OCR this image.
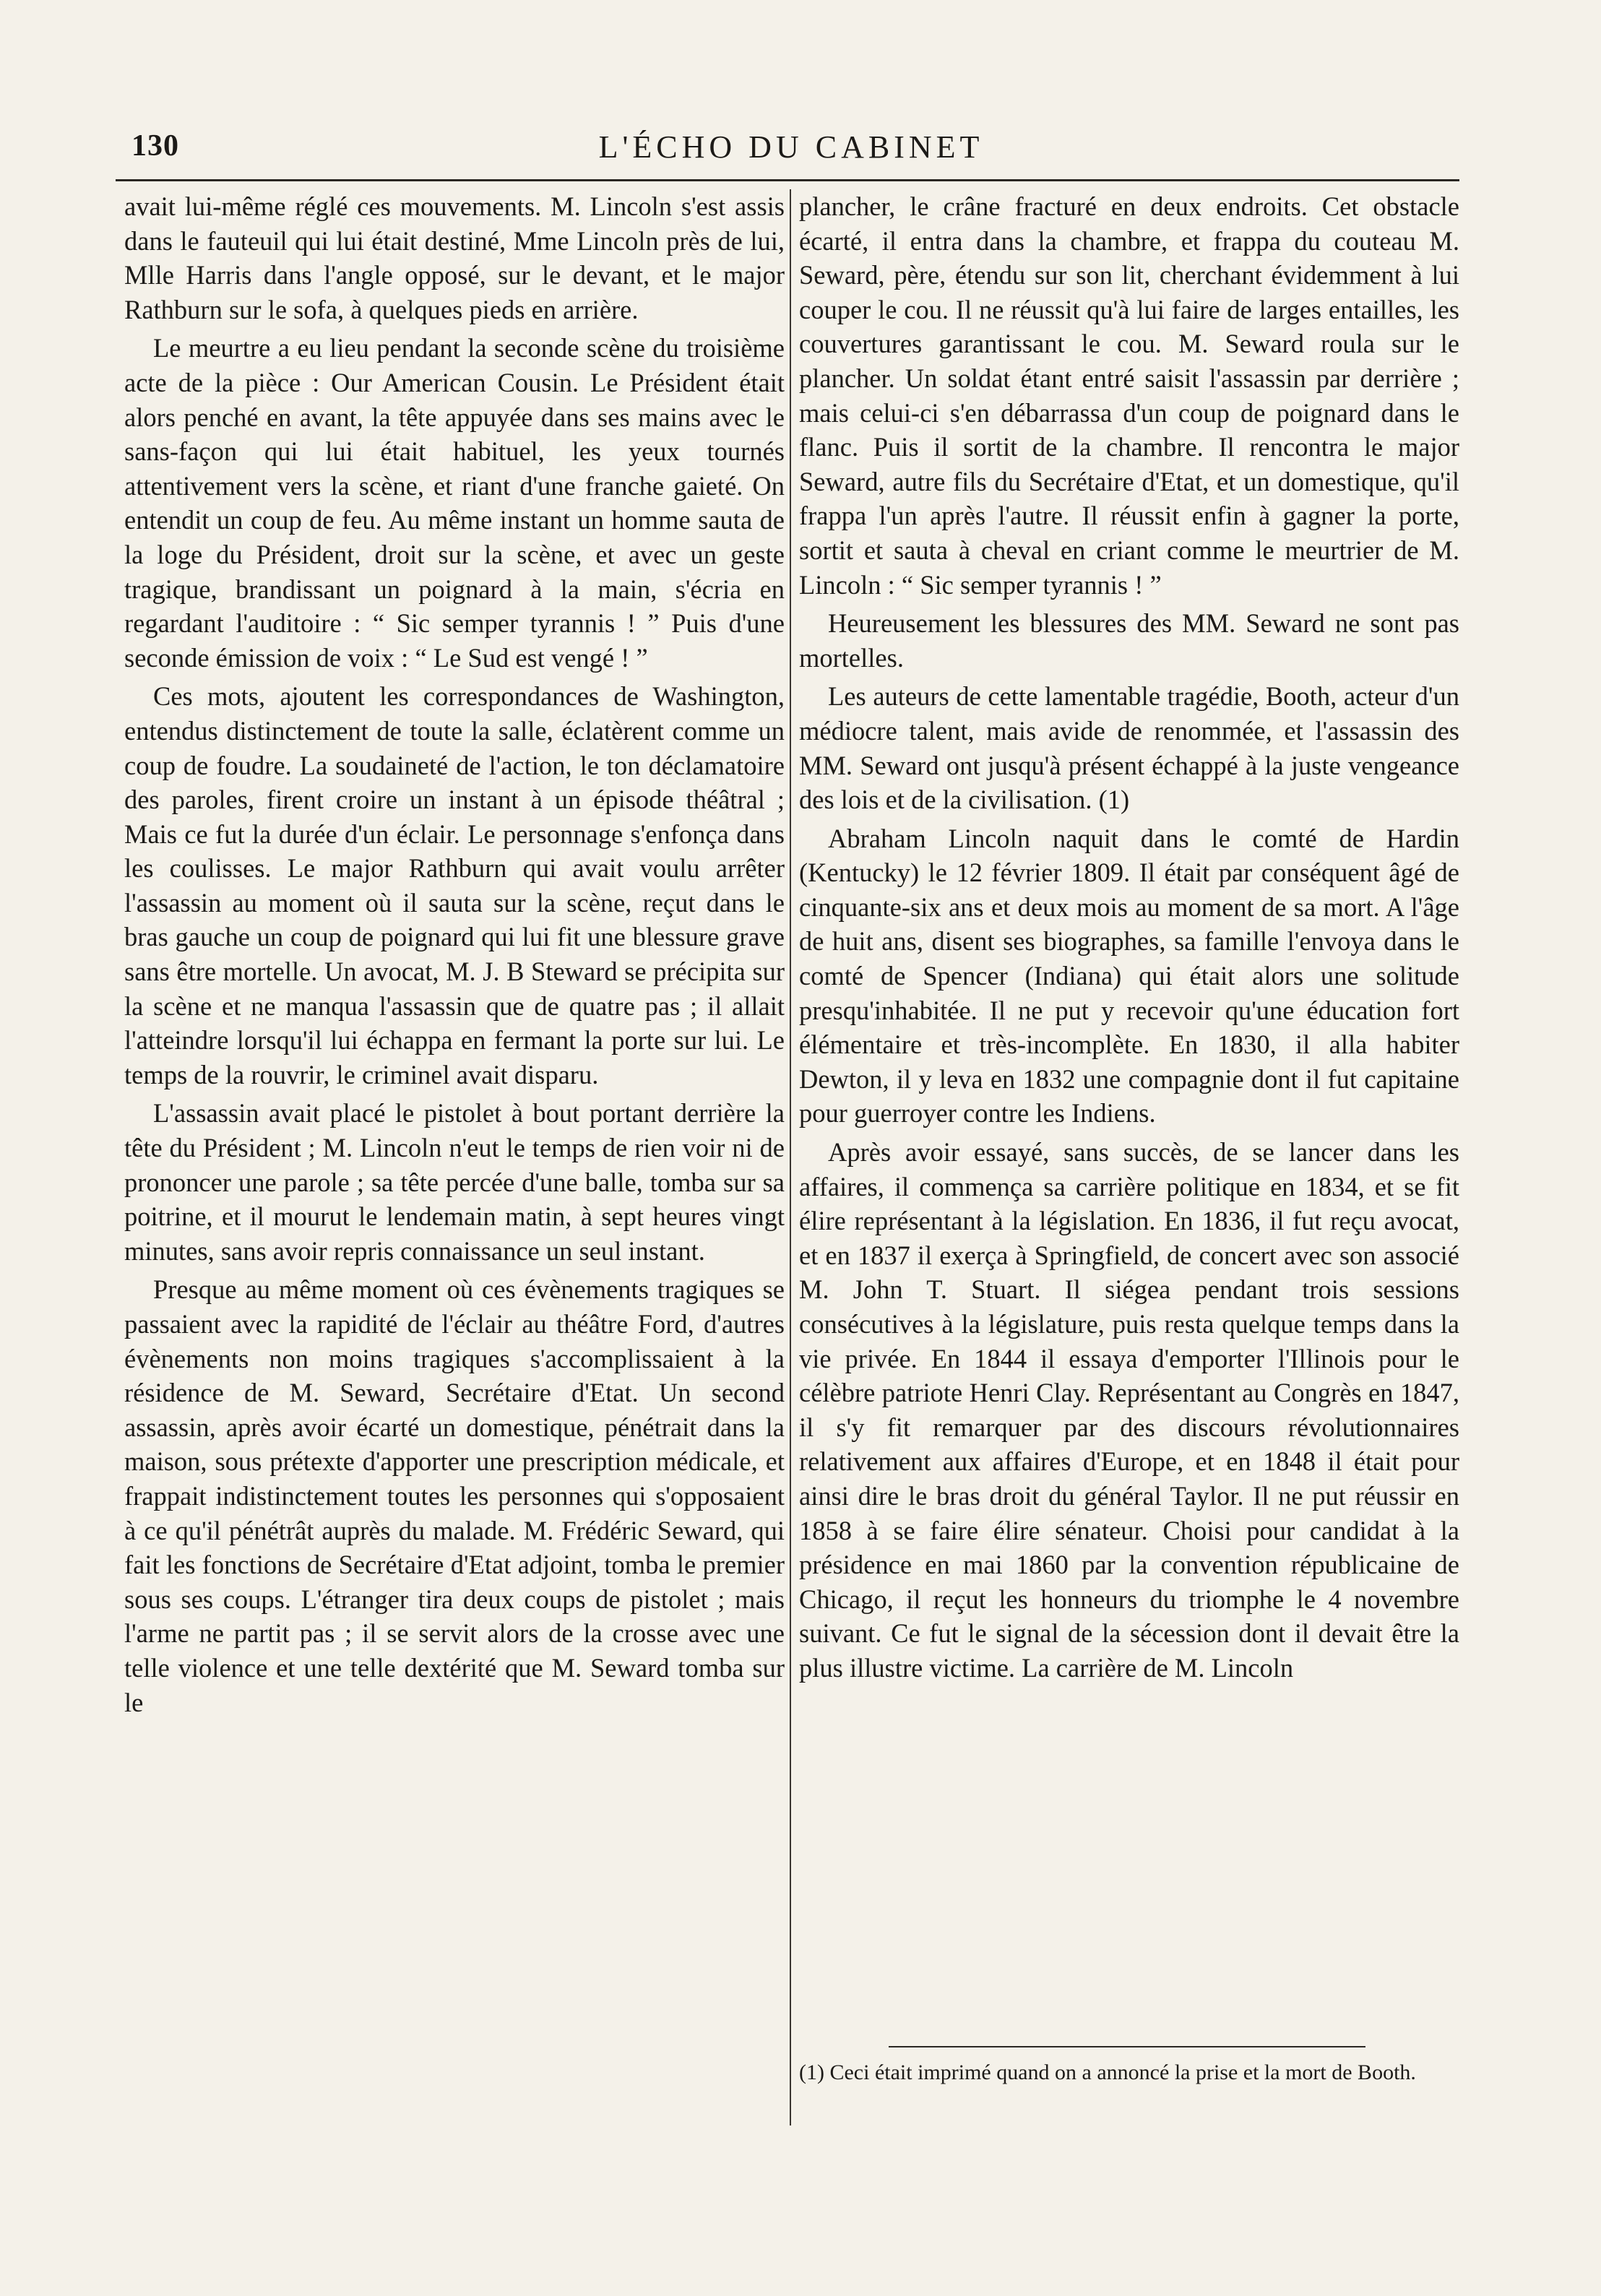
130	L'ÉCHO DU CABINET

avait lui-même réglé ces mouvements. M. Lincoln s'est assis dans le fauteuil qui lui était destiné, Mme Lincoln près de lui, Mlle Harris dans l'angle opposé, sur le devant, et le major Rathburn sur le sofa, à quelques pieds en arrière.

Le meurtre a eu lieu pendant la seconde scène du troisième acte de la pièce : Our American Cousin. Le Président était alors penché en avant, la tête appuyée dans ses mains avec le sans-façon qui lui était habituel, les yeux tournés attentivement vers la scène, et riant d'une franche gaieté. On entendit un coup de feu. Au même instant un homme sauta de la loge du Président, droit sur la scène, et avec un geste tragique, brandissant un poignard à la main, s'écria en regardant l'auditoire : “ Sic semper tyrannis ! ” Puis d'une seconde émission de voix : “ Le Sud est vengé ! ”

Ces mots, ajoutent les correspondances de Washington, entendus distinctement de toute la salle, éclatèrent comme un coup de foudre. La soudaineté de l'action, le ton déclamatoire des paroles, firent croire un instant à un épisode théâtral ; Mais ce fut la durée d'un éclair. Le personnage s'enfonça dans les coulisses. Le major Rathburn qui avait voulu arrêter l'assassin au moment où il sauta sur la scène, reçut dans le bras gauche un coup de poignard qui lui fit une blessure grave sans être mortelle. Un avocat, M. J. B Steward se précipita sur la scène et ne manqua l'assassin que de quatre pas ; il allait l'atteindre lorsqu'il lui échappa en fermant la porte sur lui. Le temps de la rouvrir, le criminel avait disparu.

L'assassin avait placé le pistolet à bout portant derrière la tête du Président ; M. Lincoln n'eut le temps de rien voir ni de prononcer une parole ; sa tête percée d'une balle, tomba sur sa poitrine, et il mourut le lendemain matin, à sept heures vingt minutes, sans avoir repris connaissance un seul instant.

Presque au même moment où ces évènements tragiques se passaient avec la rapidité de l'éclair au théâtre Ford, d'autres évènements non moins tragiques s'accomplissaient à la résidence de M. Seward, Secrétaire d'Etat. Un second assassin, après avoir écarté un domestique, pénétrait dans la maison, sous prétexte d'apporter une prescription médicale, et frappait indistinctement toutes les personnes qui s'opposaient à ce qu'il pénétrât auprès du malade. M. Frédéric Seward, qui fait les fonctions de Secrétaire d'Etat adjoint, tomba le premier sous ses coups. L'étranger tira deux coups de pistolet ; mais l'arme ne partit pas ; il se servit alors de la crosse avec une telle violence et une telle dextérité que M. Seward tomba sur le

plancher, le crâne fracturé en deux endroits. Cet obstacle écarté, il entra dans la chambre, et frappa du couteau M. Seward, père, étendu sur son lit, cherchant évidemment à lui couper le cou. Il ne réussit qu'à lui faire de larges entailles, les couvertures garantissant le cou. M. Seward roula sur le plancher. Un soldat étant entré saisit l'assassin par derrière ; mais celui-ci s'en débarrassa d'un coup de poignard dans le flanc. Puis il sortit de la chambre. Il rencontra le major Seward, autre fils du Secrétaire d'Etat, et un domestique, qu'il frappa l'un après l'autre. Il réussit enfin à gagner la porte, sortit et sauta à cheval en criant comme le meurtrier de M. Lincoln : “ Sic semper tyrannis ! ”

Heureusement les blessures des MM. Seward ne sont pas mortelles.

Les auteurs de cette lamentable tragédie, Booth, acteur d'un médiocre talent, mais avide de renommée, et l'assassin des MM. Seward ont jusqu'à présent échappé à la juste vengeance des lois et de la civilisation. (1)

Abraham Lincoln naquit dans le comté de Hardin (Kentucky) le 12 février 1809. Il était par conséquent âgé de cinquante-six ans et deux mois au moment de sa mort. A l'âge de huit ans, disent ses biographes, sa famille l'envoya dans le comté de Spencer (Indiana) qui était alors une solitude presqu'inhabitée. Il ne put y recevoir qu'une éducation fort élémentaire et très-incomplète. En 1830, il alla habiter Dewton, il y leva en 1832 une compagnie dont il fut capitaine pour guerroyer contre les Indiens.

Après avoir essayé, sans succès, de se lancer dans les affaires, il commença sa carrière politique en 1834, et se fit élire représentant à la législation. En 1836, il fut reçu avocat, et en 1837 il exerça à Springfield, de concert avec son associé M. John T. Stuart. Il siégea pendant trois sessions consécutives à la législature, puis resta quelque temps dans la vie privée. En 1844 il essaya d'emporter l'Illinois pour le célèbre patriote Henri Clay. Représentant au Congrès en 1847, il s'y fit remarquer par des discours révolutionnaires relativement aux affaires d'Europe, et en 1848 il était pour ainsi dire le bras droit du général Taylor. Il ne put réussir en 1858 à se faire élire sénateur. Choisi pour candidat à la présidence en mai 1860 par la convention républicaine de Chicago, il reçut les honneurs du triomphe le 4 novembre suivant. Ce fut le signal de la sécession dont il devait être la plus illustre victime. La carrière de M. Lincoln

(1) Ceci était imprimé quand on a annoncé la prise et la mort de Booth.
